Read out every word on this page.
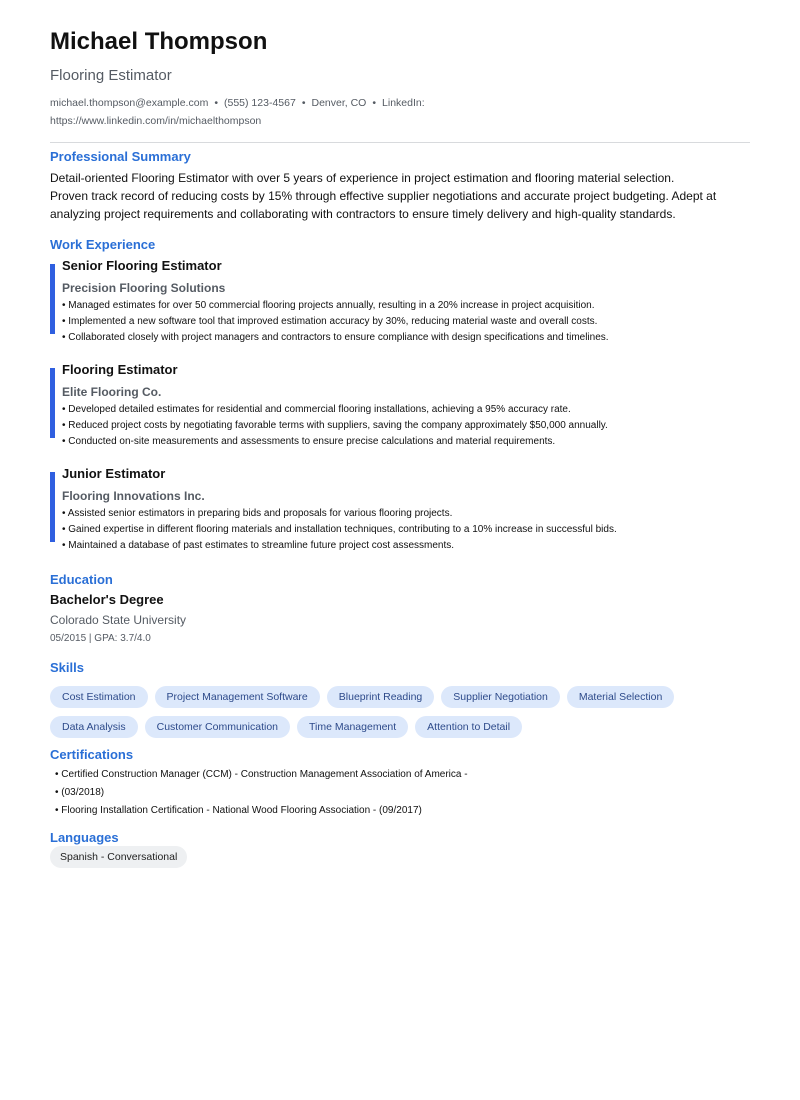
Michael Thompson
Flooring Estimator
michael.thompson@example.com • (555) 123-4567 • Denver, CO • LinkedIn:
https://www.linkedin.com/in/michaelthompson
Professional Summary

Detail-oriented Flooring Estimator with over 5 years of experience in project estimation and flooring material selection.

Proven track record of reducing costs by 15% through effective supplier negotiations and accurate project budgeting. Adept at analyzing project requirements and collaborating with contractors to ensure timely delivery and high-quality standards.

Work Experience
Senior Flooring Estimator
Precision Flooring Solutions
• Managed estimates for over 50 commercial flooring projects annually, resulting in a 20% increase in project acquisition.
• Implemented a new software tool that improved estimation accuracy by 30%, reducing material waste and overall costs.
• Collaborated closely with project managers and contractors to ensure compliance with design specifications and timelines.
Flooring Estimator
Elite Flooring Co.
• Developed detailed estimates for residential and commercial flooring installations, achieving a 95% accuracy rate.
• Reduced project costs by negotiating favorable terms with suppliers, saving the company approximately $50,000 annually.
• Conducted on-site measurements and assessments to ensure precise calculations and material requirements.
Junior Estimator
Flooring Innovations Inc.
• Assisted senior estimators in preparing bids and proposals for various flooring projects.
• Gained expertise in different flooring materials and installation techniques, contributing to a 10% increase in successful bids.
• Maintained a database of past estimates to streamline future project cost assessments.
Education
Bachelor's Degree
Colorado State University
05/2015 | GPA: 3.7/4.0
Skills
Cost Estimation	Project Management Software	Blueprint Reading	Supplier Negotiation	Material Selection
Data Analysis	Customer Communication	Time Management	Attention to Detail
Certifications
• Certified Construction Manager (CCM) - Construction Management Association of America -
• (03/2018)
• Flooring Installation Certification - National Wood Flooring Association - (09/2017)
Languages
Spanish - Conversational
